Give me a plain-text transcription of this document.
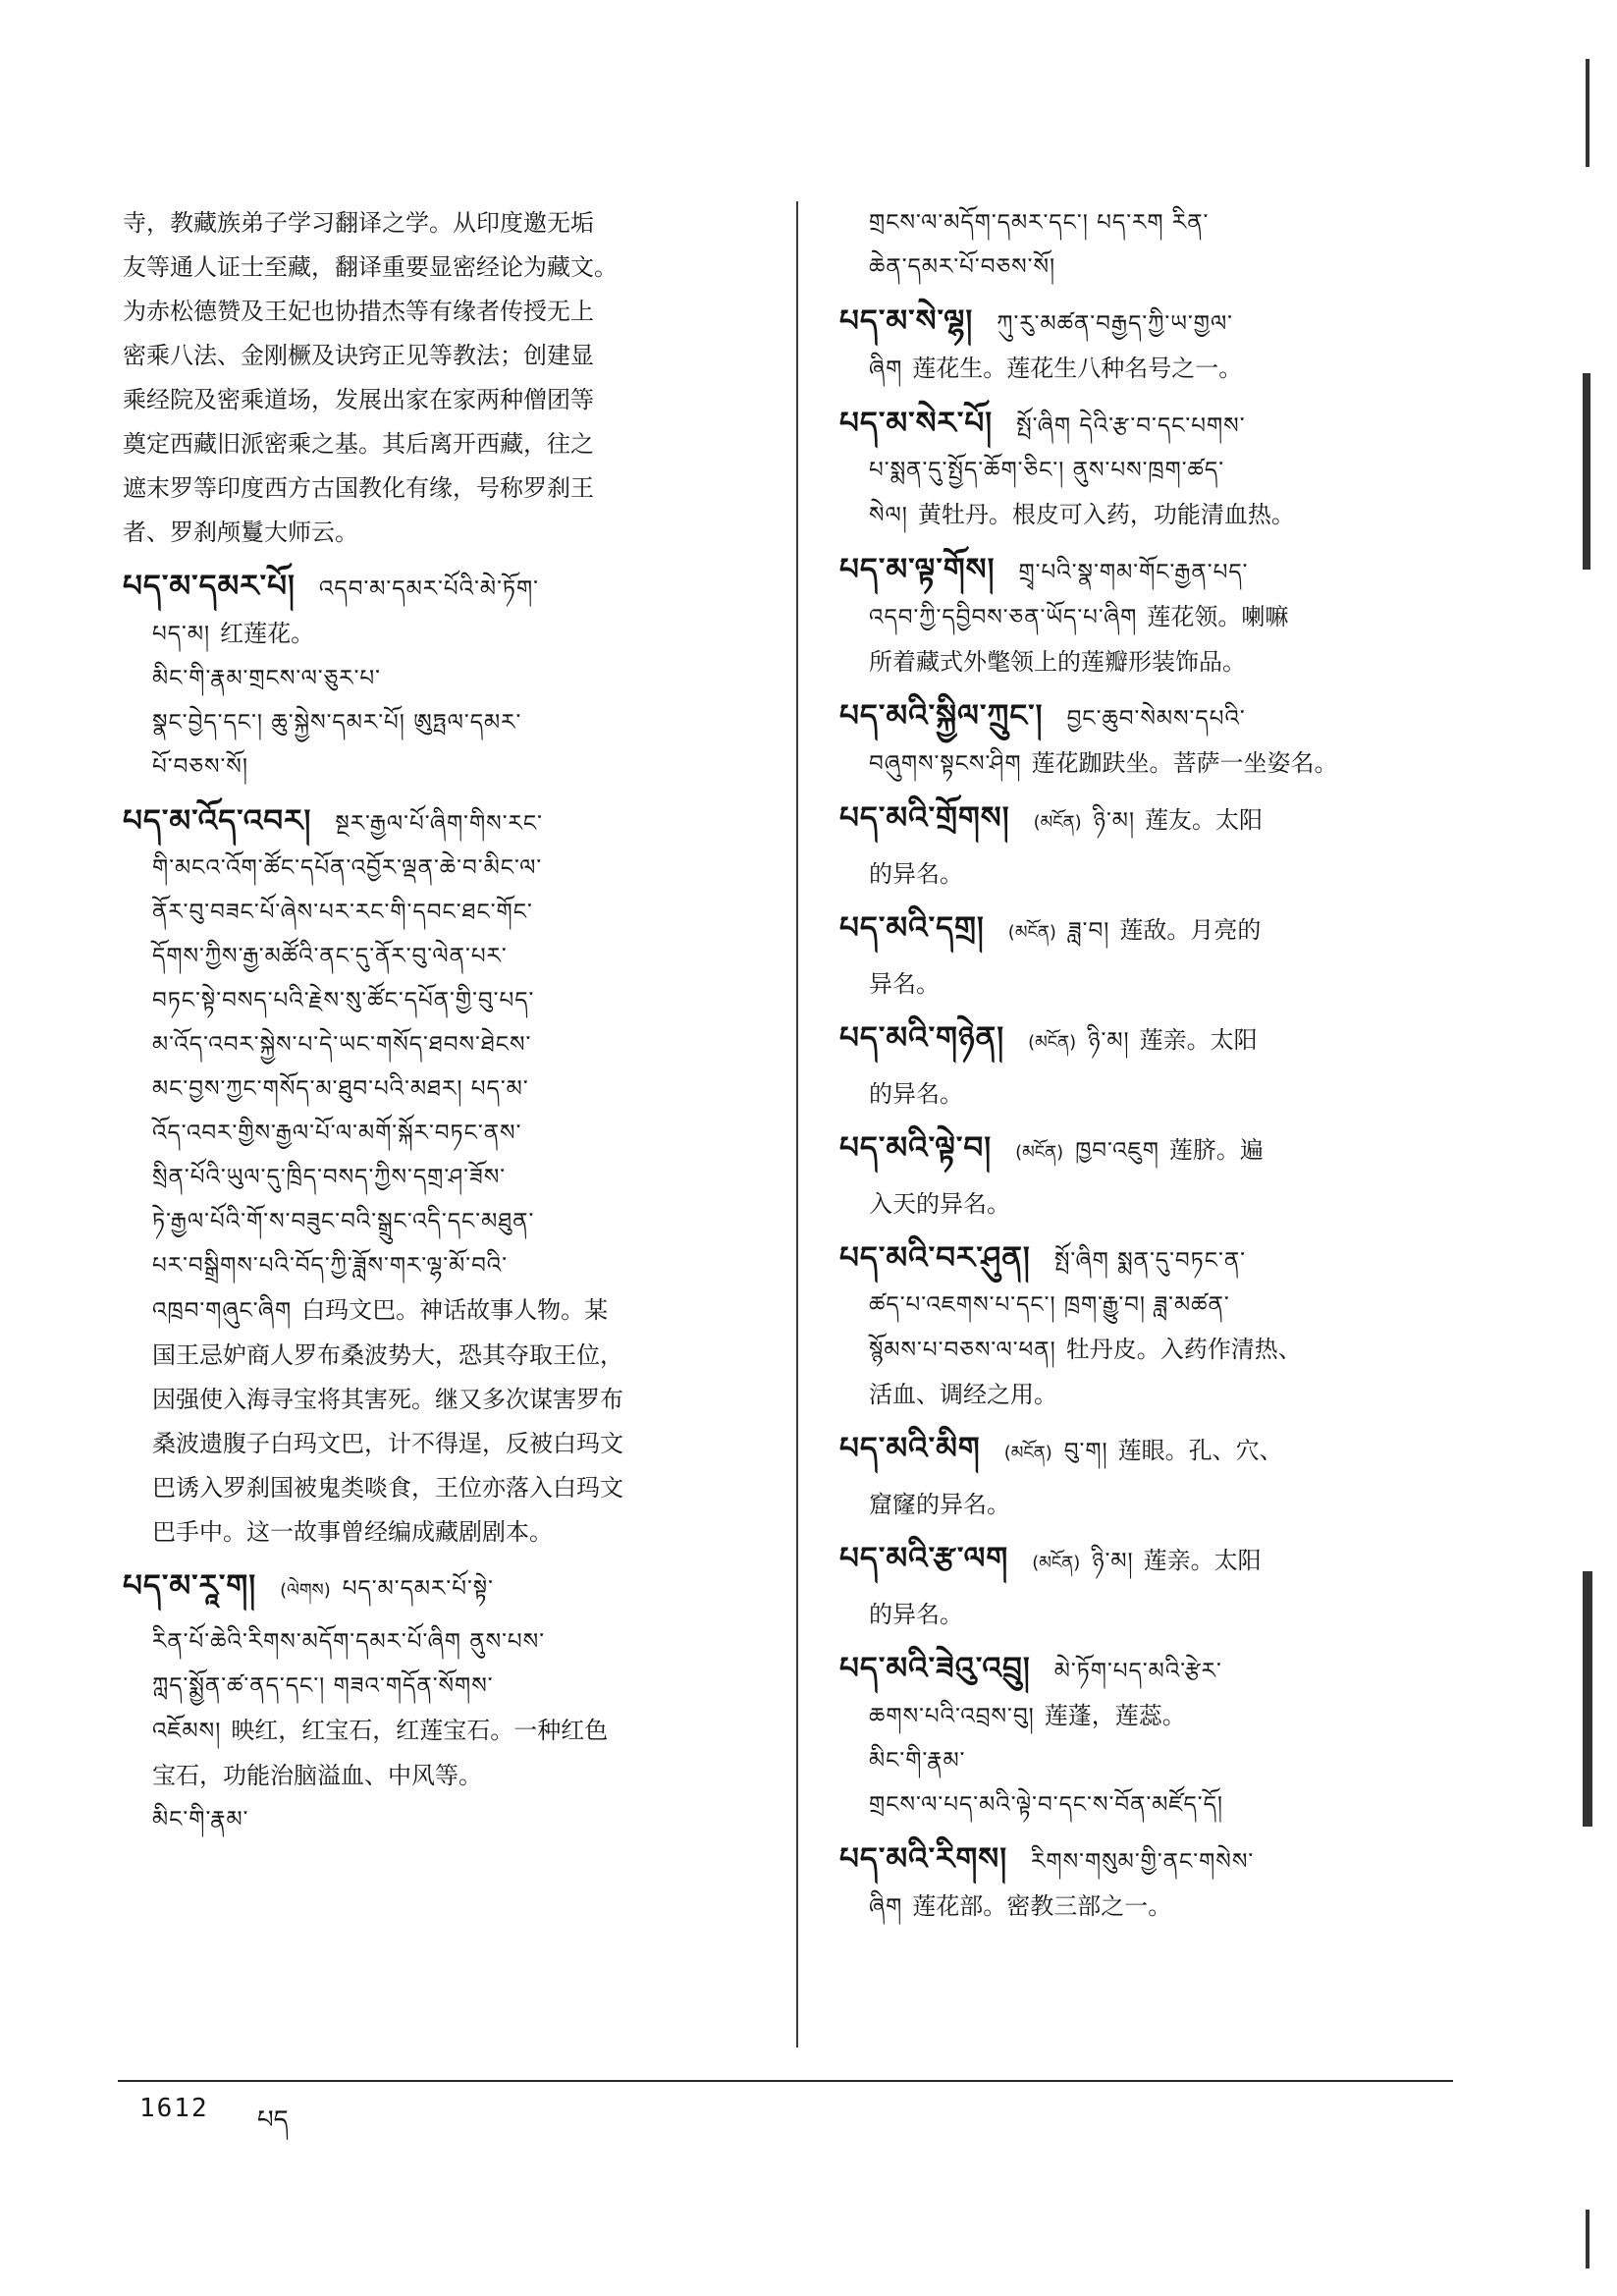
寺，教藏族弟子学习翻译之学。从印度邀无垢
友等通人证士至藏，翻译重要显密经论为藏文。
为赤松德赞及王妃也协措杰等有缘者传授无上
密乘八法、金刚橛及诀窍正见等教法；创建显
乘经院及密乘道场，发展出家在家两种僧团等
奠定西藏旧派密乘之基。其后离开西藏，往之
遮末罗等印度西方古国教化有缘，号称罗刹王
者、罗刹颅鬘大师云。
པད་མ་དམར་པོ། འདབ་མ་དམར་པོའི་མེ་ཏོག་
པད་མ། 红莲花。
མིང་གི་རྣམ་གྲངས་ལ་ཅུར་པ་
སྣང་བྱེད་དང་། ཆུ་སྐྱེས་དམར་པོ། ཨུཏྤལ་དམར་
པོ་བཅས་སོ།
པད་མ་འོད་འབར། སྔར་རྒྱལ་པོ་ཞིག་གིས་རང་
གི་མངའ་འོག་ཚོང་དཔོན་འབྱོར་ལྡན་ཆེ་བ་མིང་ལ་
ནོར་བུ་བཟང་པོ་ཞེས་པར་རང་གི་དབང་ཐང་གོང་
དོགས་ཀྱིས་རྒྱ་མཚོའི་ནང་དུ་ནོར་བུ་ལེན་པར་
བཏང་སྟེ་བསད་པའི་རྗེས་སུ་ཚོང་དཔོན་གྱི་བུ་པད་
མ་འོད་འབར་སྐྱེས་པ་དེ་ཡང་གསོད་ཐབས་ཐེངས་
མང་བྱས་ཀྱང་གསོད་མ་ཐུབ་པའི་མཐར། པད་མ་
འོད་འབར་གྱིས་རྒྱལ་པོ་ལ་མགོ་སྐོར་བཏང་ནས་
སྲིན་པོའི་ཡུལ་དུ་ཁྲིད་བསད་ཀྱིས་དགྲ་ཤ་ཟོས་
ཏེ་རྒྱལ་པོའི་གོ་ས་བཟུང་བའི་སྒྲུང་འདི་དང་མཐུན་
པར་བསྒྲིགས་པའི་བོད་ཀྱི་ཟློས་གར་ལྷ་མོ་བའི་
འཁྲབ་གཞུང་ཞིག 白玛文巴。神话故事人物。某
国王忌妒商人罗布桑波势大，恐其夺取王位，
因强使入海寻宝将其害死。继又多次谋害罗布
桑波遗腹子白玛文巴，计不得逞，反被白玛文
巴诱入罗刹国被鬼类啖食，王位亦落入白玛文
巴手中。这一故事曾经编成藏剧剧本。
པད་མ་རཱ་ག། (ལེགས) པད་མ་དམར་པོ་སྟེ་
རིན་པོ་ཆེའི་རིགས་མདོག་དམར་པོ་ཞིག ནུས་པས་
ཀླད་སྨྱོན་ཚ་ནད་དང་། གཟའ་གདོན་སོགས་
འཇོམས། 映红，红宝石，红莲宝石。一种红色
宝石，功能治脑溢血、中风等。
མིང་གི་རྣམ་
གྲངས་ལ་མདོག་དམར་དང་། པད་རག རིན་
ཆེན་དམར་པོ་བཅས་སོ།
པད་མ་སེ་ལྷ། ཀུ་རུ་མཚན་བརྒྱད་ཀྱི་ཡ་གྱལ་
ཞིག 莲花生。莲花生八种名号之一。
པད་མ་སེར་པོ། སྤོ་ཞིག དེའི་རྩ་བ་དང་པགས་
པ་སྨན་དུ་སྤྱོད་ཆོག་ཅིང་། ནུས་པས་ཁྲག་ཚད་
སེལ། 黄牡丹。根皮可入药，功能清血热。
པད་མ་ལྟ་གོས། གྲྭ་པའི་སྣ་གམ་གོང་རྒྱན་པད་
འདབ་ཀྱི་དབྱིབས་ཅན་ཡོད་པ་ཞིག 莲花领。喇嘛
所着藏式外氅领上的莲瓣形装饰品。
པད་མའི་སྐྱིལ་ཀྲུང་། བྱང་ཆུབ་སེམས་དཔའི་
བཞུགས་སྟངས་ཤིག 莲花跏趺坐。菩萨一坐姿名。
པད་མའི་གྲོགས། (མངོན) ཉི་མ། 莲友。太阳
的异名。
པད་མའི་དགྲ། (མངོན) ཟླ་བ། 莲敌。月亮的
异名。
པད་མའི་གཉེན། (མངོན) ཉི་མ། 莲亲。太阳
的异名。
པད་མའི་ལྟེ་བ། (མངོན) ཁྱབ་འཇུག 莲脐。遍
入天的异名。
པད་མའི་བར་ཤུན། སྤོ་ཞིག སྨན་དུ་བཏང་ན་
ཚད་པ་འཇགས་པ་དང་། ཁྲག་རྒྱུ་བ། ཟླ་མཚན་
སྙོམས་པ་བཅས་ལ་ཕན། 牡丹皮。入药作清热、
活血、调经之用。
པད་མའི་མིག (མངོན) བུ་ག། 莲眼。孔、穴、
窟窿的异名。
པད་མའི་རྩ་ལག (མངོན) ཉི་མ། 莲亲。太阳
的异名。
པད་མའི་ཟེའུ་འབྲུ། མེ་ཏོག་པད་མའི་རྩེར་
ཆགས་པའི་འབྲས་བུ། 莲蓬，莲蕊。
མིང་གི་རྣམ་
གྲངས་ལ་པད་མའི་ལྟེ་བ་དང་ས་བོན་མཛོད་དོ།
པད་མའི་རིགས། རིགས་གསུམ་གྱི་ནང་གསེས་
ཞིག 莲花部。密教三部之一。
1612 པད
